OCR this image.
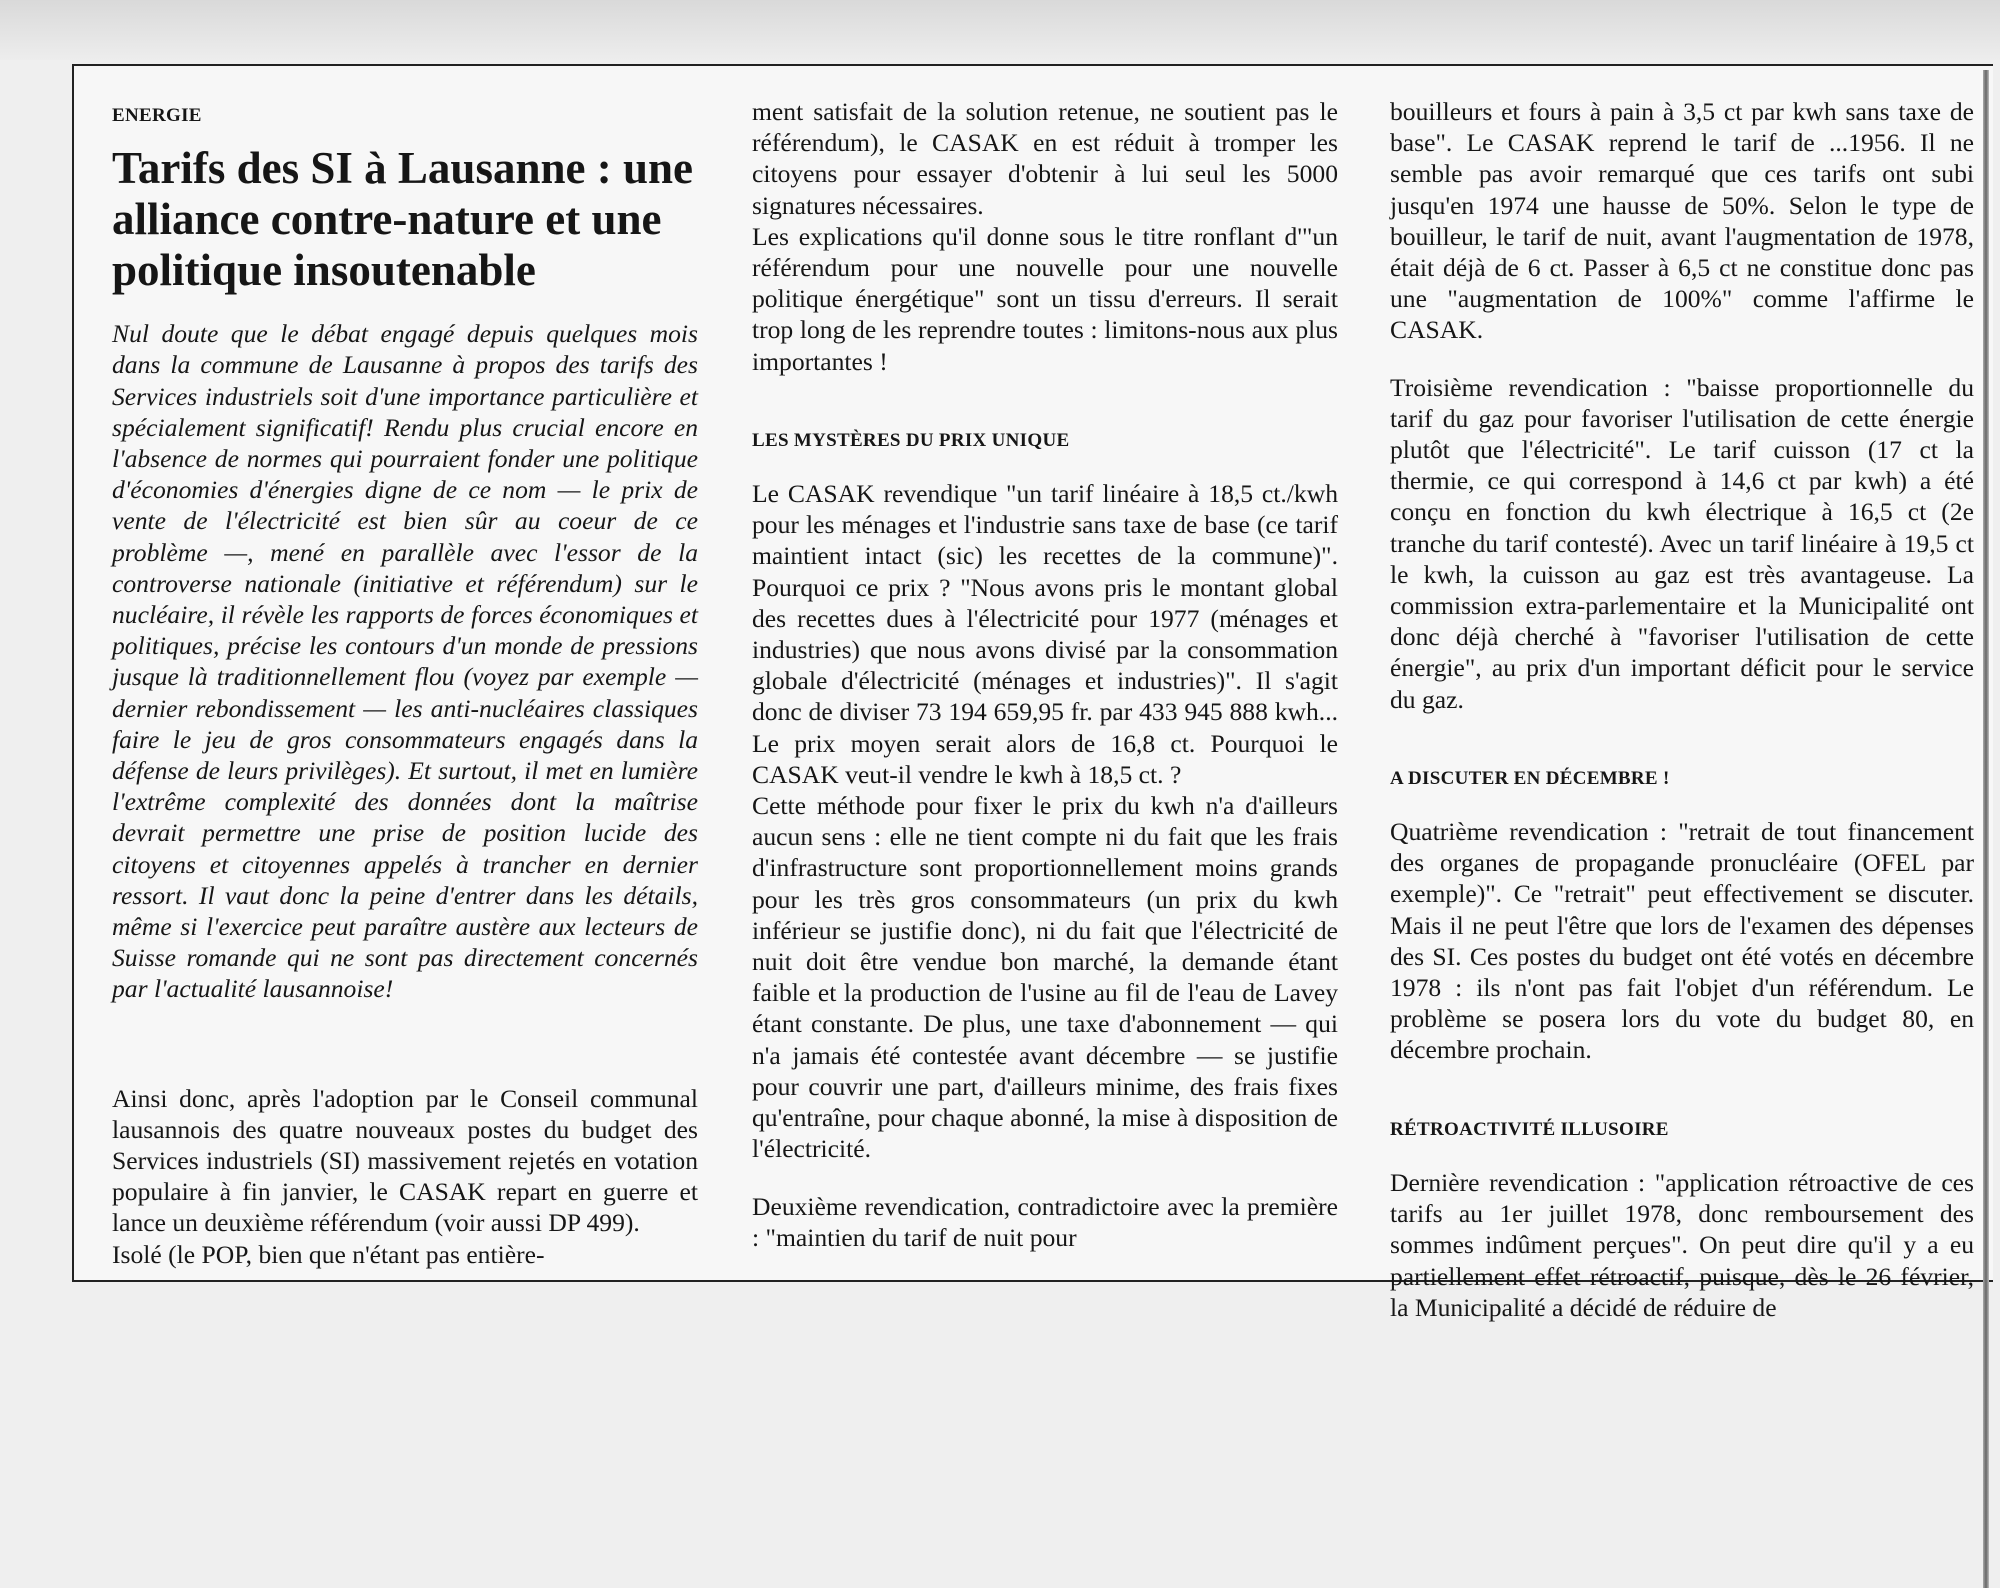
ENERGIE
Tarifs des SI à Lausanne : une alliance contre-nature et une politique insoutenable

Nul doute que le débat engagé depuis quelques mois dans la commune de Lausanne à propos des tarifs des Services industriels soit d'une importance particulière et spécialement significatif! Rendu plus crucial encore en l'absence de normes qui pourraient fonder une politique d'économies d'énergies digne de ce nom — le prix de vente de l'électricité est bien sûr au coeur de ce problème —, mené en parallèle avec l'essor de la controverse nationale (initiative et référendum) sur le nucléaire, il révèle les rapports de forces économiques et politiques, précise les contours d'un monde de pressions jusque là traditionnellement flou (voyez par exemple — dernier rebondissement — les anti-nucléaires classiques faire le jeu de gros consommateurs engagés dans la défense de leurs privilèges). Et surtout, il met en lumière l'extrême complexité des données dont la maîtrise devrait permettre une prise de position lucide des citoyens et citoyennes appelés à trancher en dernier ressort. Il vaut donc la peine d'entrer dans les détails, même si l'exercice peut paraître austère aux lecteurs de Suisse romande qui ne sont pas directement concernés par l'actualité lausannoise!

Ainsi donc, après l'adoption par le Conseil communal lausannois des quatre nouveaux postes du budget des Services industriels (SI) massivement rejetés en votation populaire à fin janvier, le CASAK repart en guerre et lance un deuxième référendum (voir aussi DP 499).

Isolé (le POP, bien que n'étant pas entière-

ment satisfait de la solution retenue, ne soutient pas le référendum), le CASAK en est réduit à tromper les citoyens pour essayer d'obtenir à lui seul les 5000 signatures nécessaires.

Les explications qu'il donne sous le titre ronflant d'"un référendum pour une nouvelle pour une nouvelle politique énergétique" sont un tissu d'erreurs. Il serait trop long de les reprendre toutes : limitons-nous aux plus importantes !

LES MYSTÈRES DU PRIX UNIQUE

Le CASAK revendique "un tarif linéaire à 18,5 ct./kwh pour les ménages et l'industrie sans taxe de base (ce tarif maintient intact (sic) les recettes de la commune)". Pourquoi ce prix ? "Nous avons pris le montant global des recettes dues à l'électricité pour 1977 (ménages et industries) que nous avons divisé par la consommation globale d'électricité (ménages et industries)". Il s'agit donc de diviser 73 194 659,95 fr. par 433 945 888 kwh... Le prix moyen serait alors de 16,8 ct. Pourquoi le CASAK veut-il vendre le kwh à 18,5 ct. ?

Cette méthode pour fixer le prix du kwh n'a d'ailleurs aucun sens : elle ne tient compte ni du fait que les frais d'infrastructure sont proportionnellement moins grands pour les très gros consommateurs (un prix du kwh inférieur se justifie donc), ni du fait que l'électricité de nuit doit être vendue bon marché, la demande étant faible et la production de l'usine au fil de l'eau de Lavey étant constante. De plus, une taxe d'abonnement — qui n'a jamais été contestée avant décembre — se justifie pour couvrir une part, d'ailleurs minime, des frais fixes qu'entraîne, pour chaque abonné, la mise à disposition de l'électricité.

Deuxième revendication, contradictoire avec la première : "maintien du tarif de nuit pour

bouilleurs et fours à pain à 3,5 ct par kwh sans taxe de base". Le CASAK reprend le tarif de ...1956. Il ne semble pas avoir remarqué que ces tarifs ont subi jusqu'en 1974 une hausse de 50%. Selon le type de bouilleur, le tarif de nuit, avant l'augmentation de 1978, était déjà de 6 ct. Passer à 6,5 ct ne constitue donc pas une "augmentation de 100%" comme l'affirme le CASAK.

Troisième revendication : "baisse proportionnelle du tarif du gaz pour favoriser l'utilisation de cette énergie plutôt que l'électricité". Le tarif cuisson (17 ct la thermie, ce qui correspond à 14,6 ct par kwh) a été conçu en fonction du kwh électrique à 16,5 ct (2e tranche du tarif contesté). Avec un tarif linéaire à 19,5 ct le kwh, la cuisson au gaz est très avantageuse. La commission extra-parlementaire et la Municipalité ont donc déjà cherché à "favoriser l'utilisation de cette énergie", au prix d'un important déficit pour le service du gaz.

A DISCUTER EN DÉCEMBRE !

Quatrième revendication : "retrait de tout financement des organes de propagande pronucléaire (OFEL par exemple)". Ce "retrait" peut effectivement se discuter. Mais il ne peut l'être que lors de l'examen des dépenses des SI. Ces postes du budget ont été votés en décembre 1978 : ils n'ont pas fait l'objet d'un référendum. Le problème se posera lors du vote du budget 80, en décembre prochain.

RÉTROACTIVITÉ ILLUSOIRE

Dernière revendication : "application rétroactive de ces tarifs au 1er juillet 1978, donc remboursement des sommes indûment perçues". On peut dire qu'il y a eu partiellement effet rétroactif, puisque, dès le 26 février, la Municipalité a décidé de réduire de
